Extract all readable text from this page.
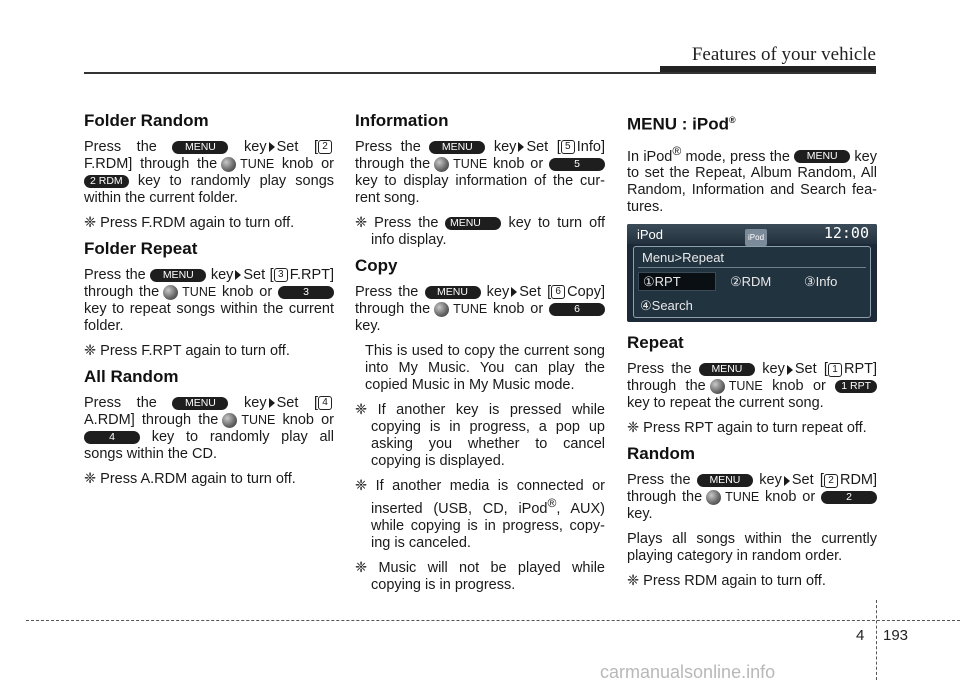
Features of your vehicle
Folder Random

Press the	MENU key Set [ 2F.RDM] through the TUNE knob or 2 RDM key to randomly play songs within the current folder.

❈ Press F.RDM again to turn off.

Folder Repeat

Press the MENU key Set [ 3 F.RPT] through the TUNE knob or	3 key to repeat songs within the current folder.

❈ Press F.RPT again to turn off.

All Random

Press the	MENU key Set [ 4A.RDM] through the TUNE knob or 4	key to randomly play all songs within the CD.

❈ Press A.RDM again to turn off.

Information

Press the MENU key Set [ 5 Info] through the TUNE knob or	5 key to display information of the current song.

❈ Press the MENU key to turn off info display.

Copy

Press the MENU key Set [ 6 Copy] through the TUNE knob or	6 key.

This is used to copy the current song into My Music. You can play the copied Music in My Music mode.

❈ If another key is pressed while copying is in progress, a pop up asking you whether to cancel copying is displayed.

❈ If another media is connected or inserted (USB, CD, iPod®, AUX) while copying is in progress, copying is canceled.

❈ Music will not be played while copying is in progress.

MENU : iPod®

In iPod® mode, press the MENU key to set the Repeat, Album Random, All Random, Information and Search features.

iPod	iPod	12:00
Menu>Repeat
①RPT	②RDM	③Info
④Search
Repeat

Press the MENU key Set [ 1 RPT] through the TUNE knob or 1 RPT key to repeat the current song.

❈ Press RPT again to turn repeat off.

Random

Press the MENU key Set [ 2 RDM] through the TUNE knob or	2 key.

Plays all songs within the currently playing category in random order.

❈ Press RDM again to turn off.

4 193
carmanualsonline.info
